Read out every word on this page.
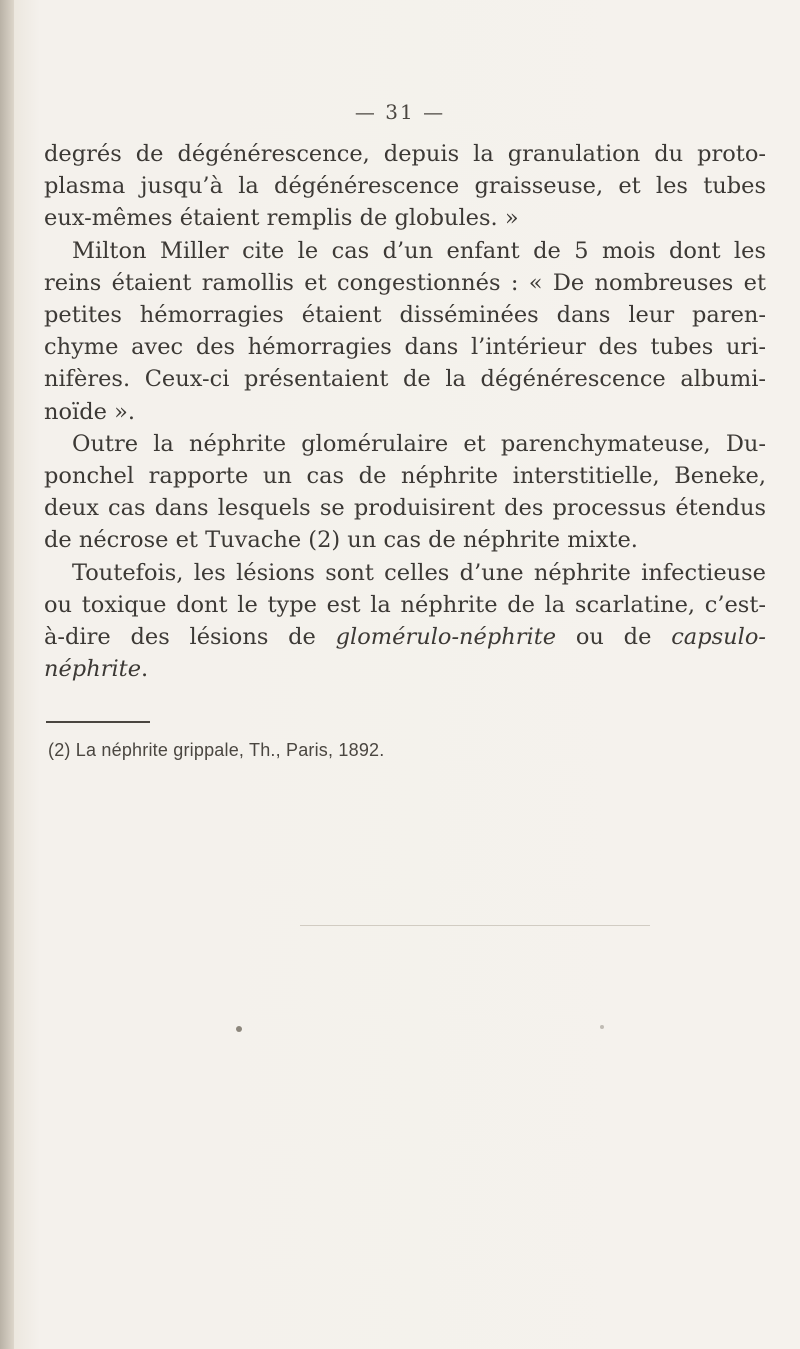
— 31 —
degrés de dégénérescence, depuis la granulation du proto-
plasma jusqu’à la dégénérescence graisseuse, et les tubes
eux-mêmes étaient remplis de globules. »
Milton Miller cite le cas d’un enfant de 5 mois dont les
reins étaient ramollis et congestionnés : « De nombreuses et
petites hémorragies étaient disséminées dans leur paren-
chyme avec des hémorragies dans l’intérieur des tubes uri-
nifères. Ceux-ci présentaient de la dégénérescence albumi-
noïde ».
Outre la néphrite glomérulaire et parenchymateuse, Du-
ponchel rapporte un cas de néphrite interstitielle, Beneke,
deux cas dans lesquels se produisirent des processus étendus
de nécrose et Tuvache (2) un cas de néphrite mixte.
Toutefois, les lésions sont celles d’une néphrite infectieuse
ou toxique dont le type est la néphrite de la scarlatine, c’est-
à-dire des lésions de glomérulo-néphrite ou de capsulo-
néphrite.
(2) La néphrite grippale, Th., Paris, 1892.
